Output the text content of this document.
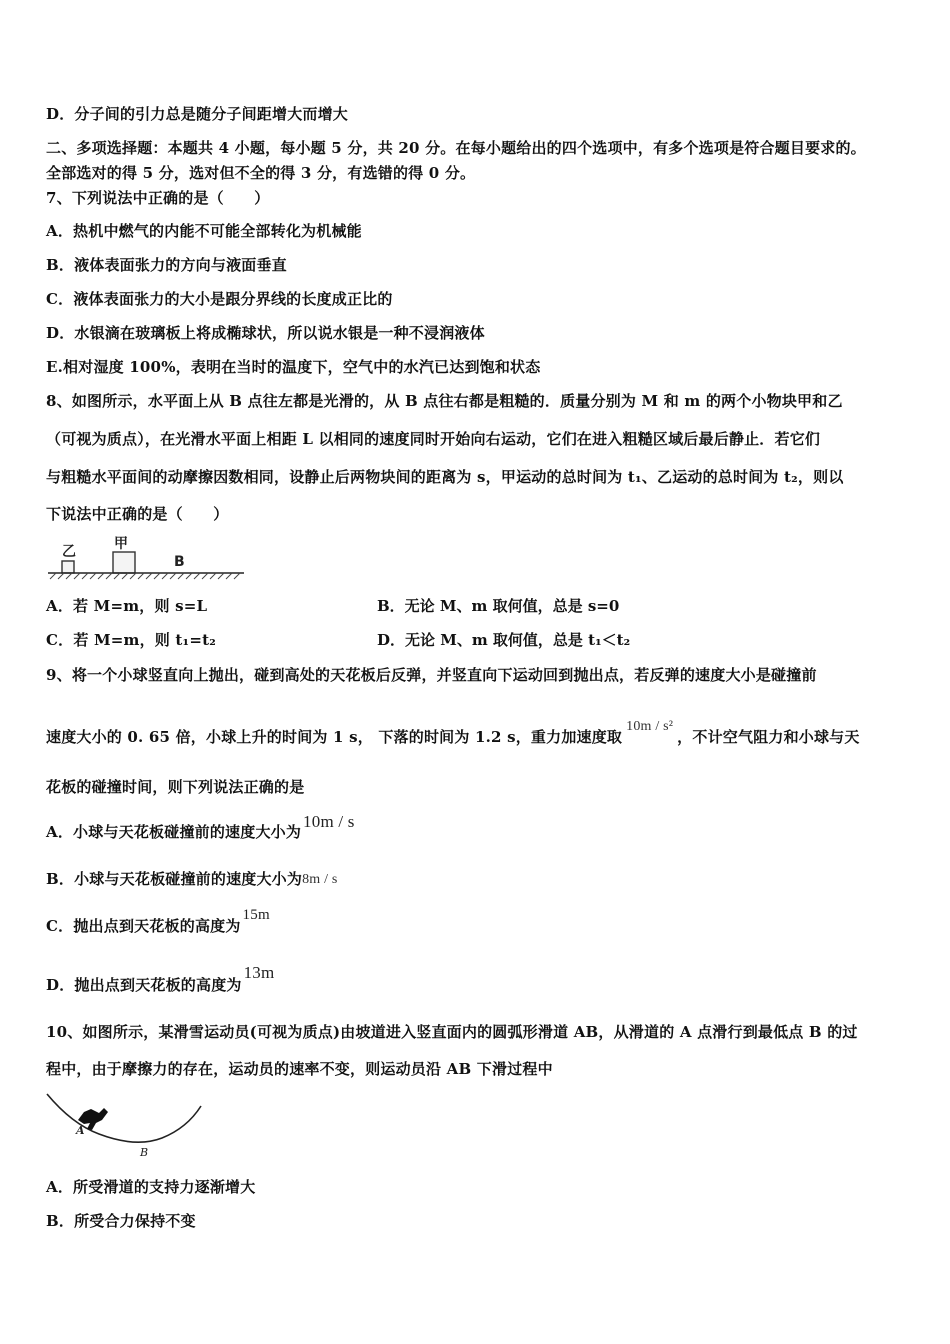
D．分子间的引力总是随分子间距增大而增大
二、多项选择题：本题共 4 小题，每小题 5 分，共 20 分。在每小题给出的四个选项中，有多个选项是符合题目要求的。
全部选对的得 5 分，选对但不全的得 3 分，有选错的得 0 分。
7、下列说法中正确的是（　　）
A．热机中燃气的内能不可能全部转化为机械能
B．液体表面张力的方向与液面垂直
C．液体表面张力的大小是跟分界线的长度成正比的
D．水银滴在玻璃板上将成椭球状，所以说水银是一种不浸润液体
E.相对湿度 100%，表明在当时的温度下，空气中的水汽已达到饱和状态
8、如图所示，水平面上从 B 点往左都是光滑的，从 B 点往右都是粗糙的．质量分别为 M 和 m 的两个小物块甲和乙
（可视为质点），在光滑水平面上相距 L 以相同的速度同时开始向右运动，它们在进入粗糙区域后最后静止．若它们
与粗糙水平面间的动摩擦因数相同，设静止后两物块间的距离为 s，甲运动的总时间为 t₁、乙运动的总时间为 t₂，则以
下说法中正确的是（　　）
乙	甲
B
A．若 M=m，则 s=L	B．无论 M、m 取何值，总是 s=0
C．若 M=m，则 t₁=t₂	D．无论 M、m 取何值，总是 t₁＜t₂
9、将一个小球竖直向上抛出，碰到高处的天花板后反弹，并竖直向下运动回到抛出点，若反弹的速度大小是碰撞前
速度大小的 0. 65 倍，小球上升的时间为 1 s， 下落的时间为 1.2 s，重力加速度取10m / s²，不计空气阻力和小球与天
花板的碰撞时间，则下列说法正确的是
A．小球与天花板碰撞前的速度大小为10m / s
B．小球与天花板碰撞前的速度大小为8m / s
C．抛出点到天花板的高度为15m
D．抛出点到天花板的高度为13m
10、如图所示，某滑雪运动员(可视为质点)由坡道进入竖直面内的圆弧形滑道 AB，从滑道的 A 点滑行到最低点 B 的过
程中，由于摩擦力的存在，运动员的速率不变，则运动员沿 AB 下滑过程中
A
B
A．所受滑道的支持力逐渐增大
B．所受合力保持不变
